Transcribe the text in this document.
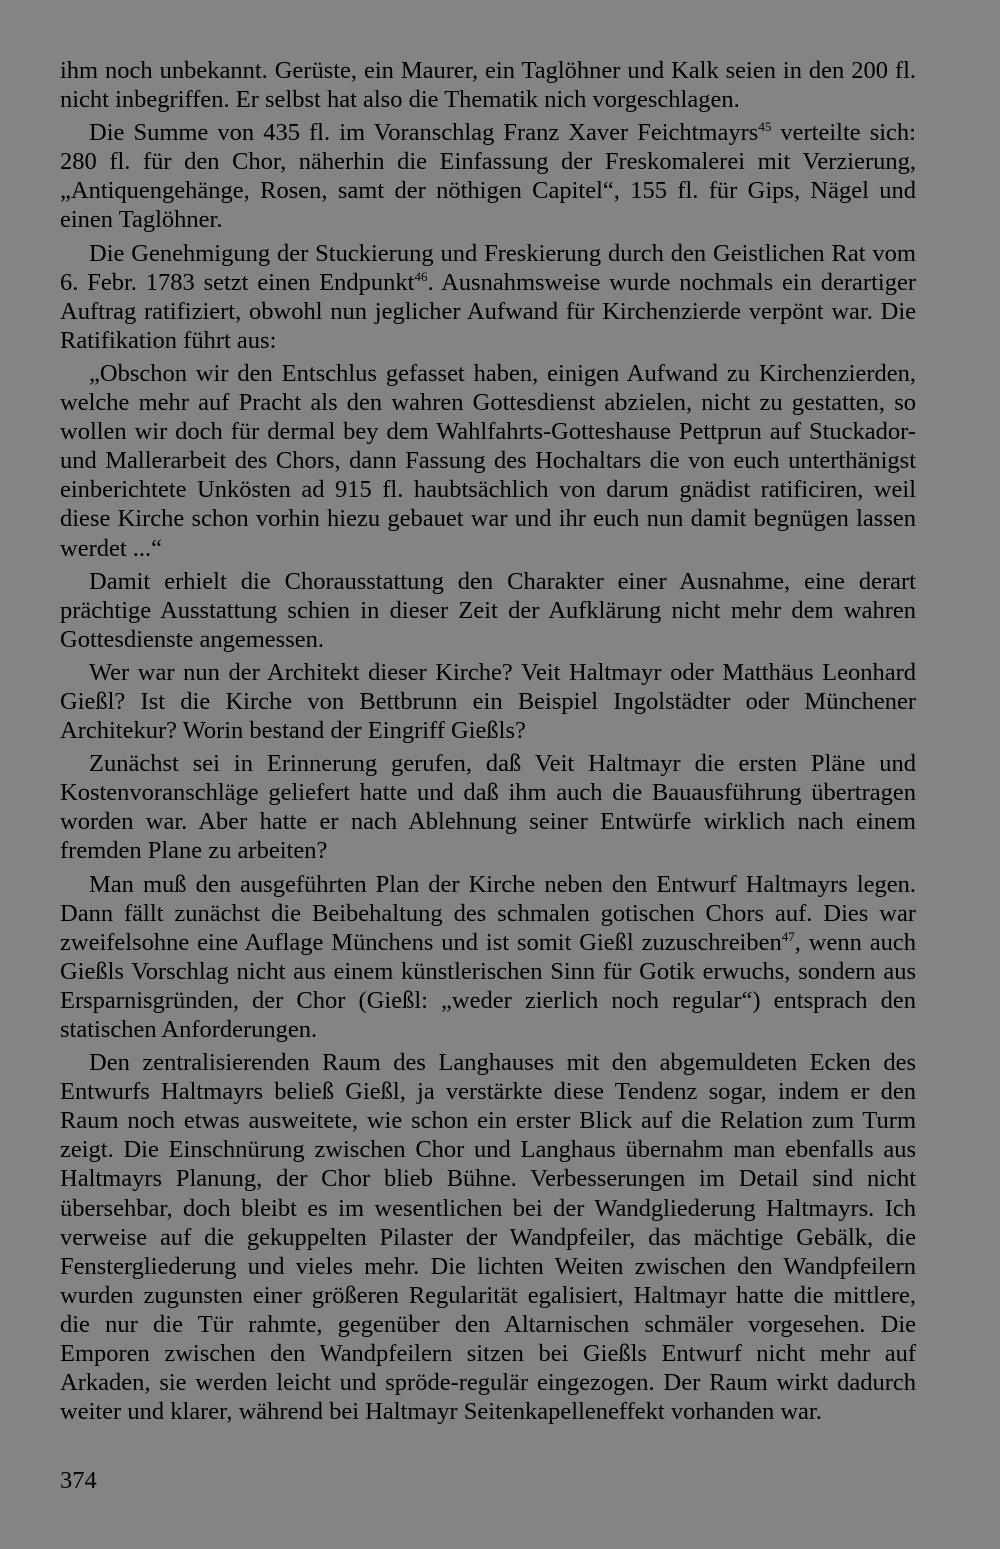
ihm noch unbekannt. Gerüste, ein Maurer, ein Taglöhner und Kalk seien in den 200 fl. nicht inbegriffen. Er selbst hat also die Thematik nich vorgeschlagen.

Die Summe von 435 fl. im Voranschlag Franz Xaver Feichtmayrs$^{45}$ verteilte sich: 280 fl. für den Chor, näherhin die Einfassung der Freskomalerei mit Verzierung, „Antiquengehänge, Rosen, samt der nöthigen Capitel“, 155 fl. für Gips, Nägel und einen Taglöhner.

Die Genehmigung der Stuckierung und Freskierung durch den Geistlichen Rat vom 6. Febr. 1783 setzt einen Endpunkt$^{46}$. Ausnahmsweise wurde nochmals ein derartiger Auftrag ratifiziert, obwohl nun jeglicher Aufwand für Kirchenzierde verpönt war. Die Ratifikation führt aus:

„Obschon wir den Entschlus gefasset haben, einigen Aufwand zu Kirchenzierden, welche mehr auf Pracht als den wahren Gottesdienst abzielen, nicht zu gestatten, so wollen wir doch für dermal bey dem Wahlfahrts-Gotteshause Pettprun auf Stuckador- und Mallerarbeit des Chors, dann Fassung des Hochaltars die von euch unterthänigst einberichtete Unkösten ad 915 fl. haubtsächlich von darum gnädist ratificiren, weil diese Kirche schon vorhin hiezu gebauet war und ihr euch nun damit begnügen lassen werdet ...“

Damit erhielt die Chorausstattung den Charakter einer Ausnahme, eine derart prächtige Ausstattung schien in dieser Zeit der Aufklärung nicht mehr dem wahren Gottesdienste angemessen.

Wer war nun der Architekt dieser Kirche? Veit Haltmayr oder Matthäus Leonhard Gießl? Ist die Kirche von Bettbrunn ein Beispiel Ingolstädter oder Münchener Architekur? Worin bestand der Eingriff Gießls?

Zunächst sei in Erinnerung gerufen, daß Veit Haltmayr die ersten Pläne und Kostenvoranschläge geliefert hatte und daß ihm auch die Bauausführung übertragen worden war. Aber hatte er nach Ablehnung seiner Entwürfe wirklich nach einem fremden Plane zu arbeiten?

Man muß den ausgeführten Plan der Kirche neben den Entwurf Haltmayrs legen. Dann fällt zunächst die Beibehaltung des schmalen gotischen Chors auf. Dies war zweifelsohne eine Auflage Münchens und ist somit Gießl zuzuschreiben$^{47}$, wenn auch Gießls Vorschlag nicht aus einem künstlerischen Sinn für Gotik erwuchs, sondern aus Ersparnisgründen, der Chor (Gießl: „weder zierlich noch regular“) entsprach den statischen Anforderungen.

Den zentralisierenden Raum des Langhauses mit den abgemuldeten Ecken des Entwurfs Haltmayrs beließ Gießl, ja verstärkte diese Tendenz sogar, indem er den Raum noch etwas ausweitete, wie schon ein erster Blick auf die Relation zum Turm zeigt. Die Einschnürung zwischen Chor und Langhaus übernahm man ebenfalls aus Haltmayrs Planung, der Chor blieb Bühne. Verbesserungen im Detail sind nicht übersehbar, doch bleibt es im wesentlichen bei der Wandgliederung Haltmayrs. Ich verweise auf die gekuppelten Pilaster der Wandpfeiler, das mächtige Gebälk, die Fenstergliederung und vieles mehr. Die lichten Weiten zwischen den Wandpfeilern wurden zugunsten einer größeren Regularität egalisiert, Haltmayr hatte die mittlere, die nur die Tür rahmte, gegenüber den Altarnischen schmäler vorgesehen. Die Emporen zwischen den Wandpfeilern sitzen bei Gießls Entwurf nicht mehr auf Arkaden, sie werden leicht und spröde-regulär eingezogen. Der Raum wirkt dadurch weiter und klarer, während bei Haltmayr Seitenkapelleneffekt vorhanden war.

374
